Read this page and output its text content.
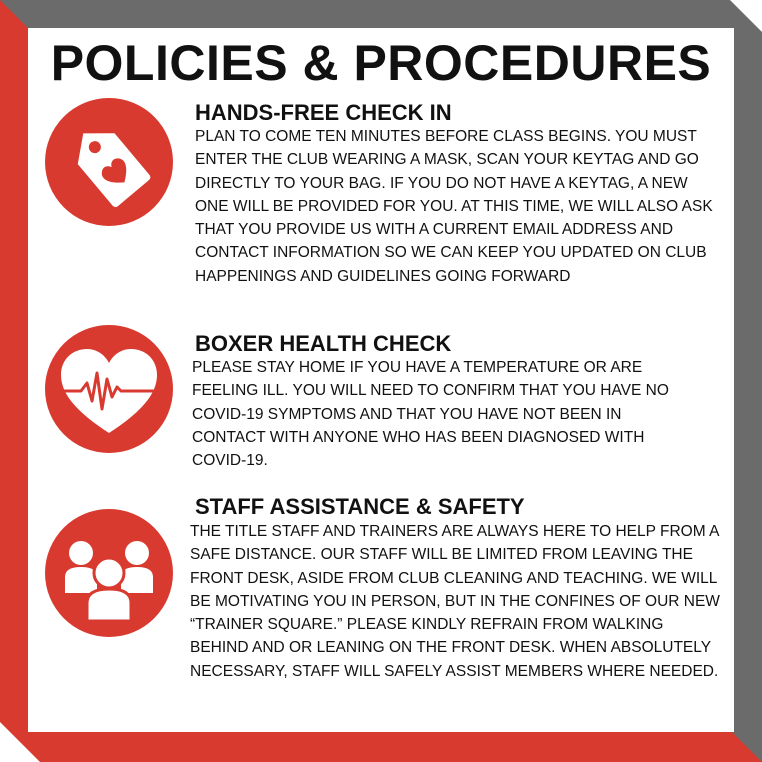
POLICIES & PROCEDURES
HANDS-FREE CHECK IN

PLAN TO COME TEN MINUTES BEFORE CLASS BEGINS. YOU MUST ENTER THE CLUB WEARING A MASK, SCAN YOUR KEYTAG AND GO DIRECTLY TO YOUR BAG. IF YOU DO NOT HAVE A KEYTAG, A NEW ONE WILL BE PROVIDED FOR YOU. AT THIS TIME, WE WILL ALSO ASK THAT YOU PROVIDE US WITH A CURRENT EMAIL ADDRESS AND CONTACT INFORMATION SO WE CAN KEEP YOU UPDATED ON CLUB HAPPENINGS AND GUIDELINES GOING FORWARD

BOXER HEALTH CHECK

PLEASE STAY HOME IF YOU HAVE A TEMPERATURE OR ARE FEELING ILL. YOU WILL NEED TO CONFIRM THAT YOU HAVE NO COVID-19 SYMPTOMS AND THAT YOU HAVE NOT BEEN IN CONTACT WITH ANYONE WHO HAS BEEN DIAGNOSED WITH COVID-19.

STAFF ASSISTANCE & SAFETY

THE TITLE STAFF AND TRAINERS ARE ALWAYS HERE TO HELP FROM A SAFE DISTANCE. OUR STAFF WILL BE LIMITED FROM LEAVING THE FRONT DESK, ASIDE FROM CLUB CLEANING AND TEACHING. WE WILL BE MOTIVATING YOU IN PERSON, BUT IN THE CONFINES OF OUR NEW “TRAINER SQUARE.” PLEASE KINDLY REFRAIN FROM WALKING BEHIND AND OR LEANING ON THE FRONT DESK. WHEN ABSOLUTELY NECESSARY, STAFF WILL SAFELY ASSIST MEMBERS WHERE NEEDED.
